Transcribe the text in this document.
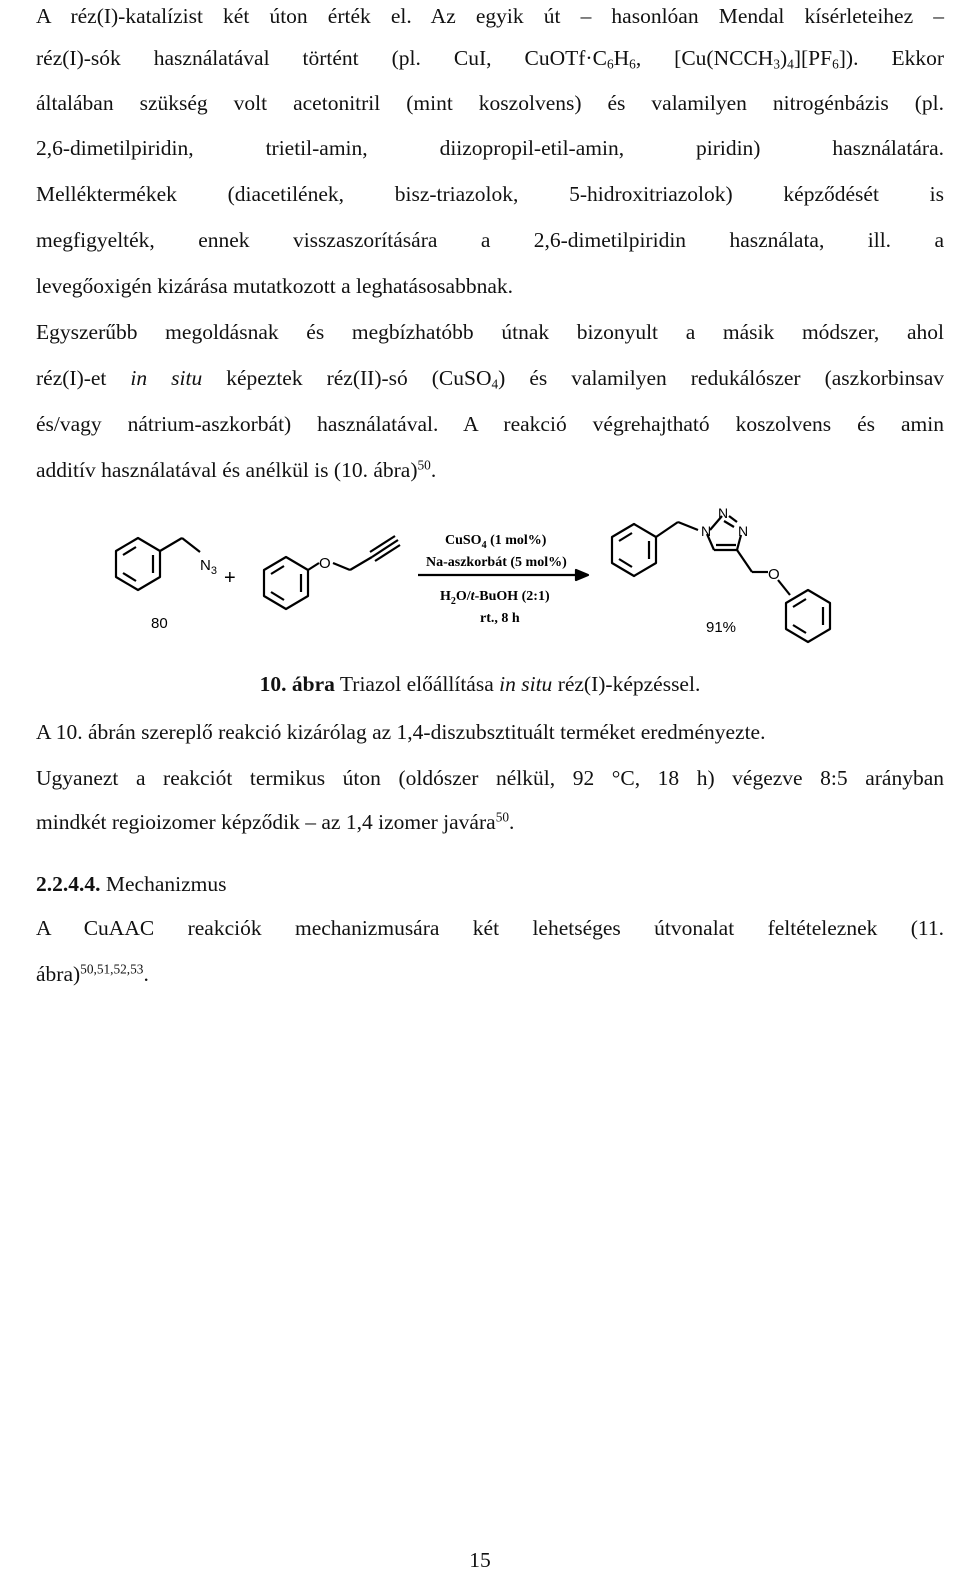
A réz(I)-katalízist két úton érték el. Az egyik út – hasonlóan Mendal kísérleteihez –
réz(I)-sók használatával történt (pl. CuI, $CuOTf\cdot C_6H_6$, $[Cu(NCCH_3)_4][PF_6]$). Ekkor
általában szükség volt acetonitril (mint koszolvens) és valamilyen nitrogénbázis (pl.
2,6-dimetilpiridin, trietil-amin, diizopropil-etil-amin, piridin) használatára.
Melléktermékek (diacetilének, bisz-triazolok, 5-hidroxitriazolok) képződését is
megfigyelték, ennek visszaszorítására a 2,6-dimetilpiridin használata, ill. a
levegőoxigén kizárása mutatkozott a leghatásosabbnak.
Egyszerűbb megoldásnak és megbízhatóbb útnak bizonyult a másik módszer, ahol
réz(I)-et in situ képeztek réz(II)-só (CuSO$_4$) és valamilyen redukálószer (aszkorbinsav
és/vagy nátrium-aszkorbát) használatával. A reakció végrehajtható koszolvens és amin
additív használatával és anélkül is (10. ábra)$^{50}$.
$N_3$
80
+
O
N
N
N
O
91%
CuSO$_4$ (1 mol%)
Na-aszkorbát (5 mol%)
$H_2O/t$-BuOH (2:1)
rt., 8 h
10. ábra Triazol előállítása in situ réz(I)-képzéssel.
A 10. ábrán szereplő reakció kizárólag az 1,4-diszubsztituált terméket eredményezte.
Ugyanezt a reakciót termikus úton (oldószer nélkül, 92 °C, 18 h) végezve 8:5 arányban
mindkét regioizomer képződik – az 1,4 izomer javára$^{50}$.
2.2.4.4. Mechanizmus
A CuAAC reakciók mechanizmusára két lehetséges útvonalat feltételeznek (11.
ábra)$^{50,51,52,53}$.
15
